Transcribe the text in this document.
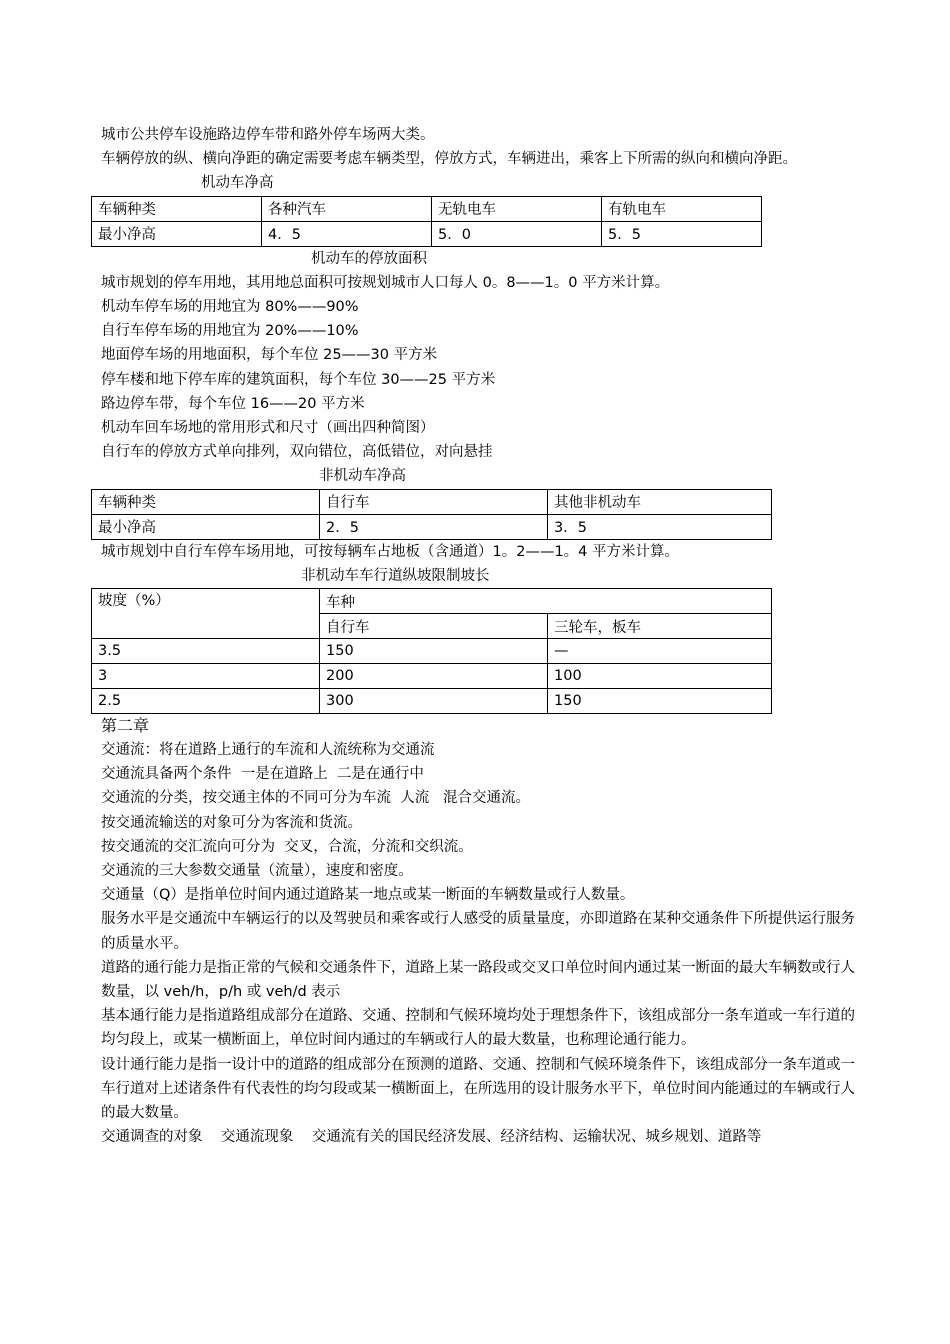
城市公共停车设施路边停车带和路外停车场两大类。

车辆停放的纵、横向净距的确定需要考虑车辆类型，停放方式，车辆进出，乘客上下所需的纵向和横向净距。机动车净高

车辆种类	各种汽车	无轨电车	有轨电车
最小净高	4．5	5．0	5．5

机动车的停放面积

城市规划的停车用地，其用地总面积可按规划城市人口每人 0。8——1。0 平方米计算。

机动车停车场的用地宜为 80%——90%

自行车停车场的用地宜为 20%——10%

地面停车场的用地面积，每个车位 25——30 平方米

停车楼和地下停车库的建筑面积，每个车位 30——25 平方米

路边停车带，每个车位 16——20 平方米

机动车回车场地的常用形式和尺寸（画出四种简图）

自行车的停放方式单向排列，双向错位，高低错位，对向悬挂

非机动车净高

车辆种类	自行车	其他非机动车
最小净高	2．5	3．5

城市规划中自行车停车场用地，可按每辆车占地板（含通道）1。2——1。4 平方米计算。

非机动车车行道纵坡限制坡长

坡度（%）	车种	
	自行车	三轮车，板车
3.5	150	—
3	200	100
2.5	300	150

第二章

交通流：将在道路上通行的车流和人流统称为交通流

交通流具备两个条件  一是在道路上  二是在通行中

交通流的分类，按交通主体的不同可分为车流  人流   混合交通流。

按交通流输送的对象可分为客流和货流。

按交通流的交汇流向可分为  交叉，合流，分流和交织流。

交通流的三大参数交通量（流量），速度和密度。

交通量（Q）是指单位时间内通过道路某一地点或某一断面的车辆数量或行人数量。

服务水平是交通流中车辆运行的以及驾驶员和乘客或行人感受的质量量度，亦即道路在某种交通条件下所提供运行服务的质量水平。

道路的通行能力是指正常的气候和交通条件下，道路上某一路段或交叉口单位时间内通过某一断面的最大车辆数或行人数量，以 veh/h，p/h 或 veh/d 表示

基本通行能力是指道路组成部分在道路、交通、控制和气候环境均处于理想条件下，该组成部分一条车道或一车行道的均匀段上，或某一横断面上，单位时间内通过的车辆或行人的最大数量，也称理论通行能力。

设计通行能力是指一设计中的道路的组成部分在预测的道路、交通、控制和气候环境条件下，该组成部分一条车道或一车行道对上述诸条件有代表性的均匀段或某一横断面上，在所选用的设计服务水平下，单位时间内能通过的车辆或行人的最大数量。

交通调查的对象    交通流现象    交通流有关的国民经济发展、经济结构、运输状况、城乡规划、道路等
